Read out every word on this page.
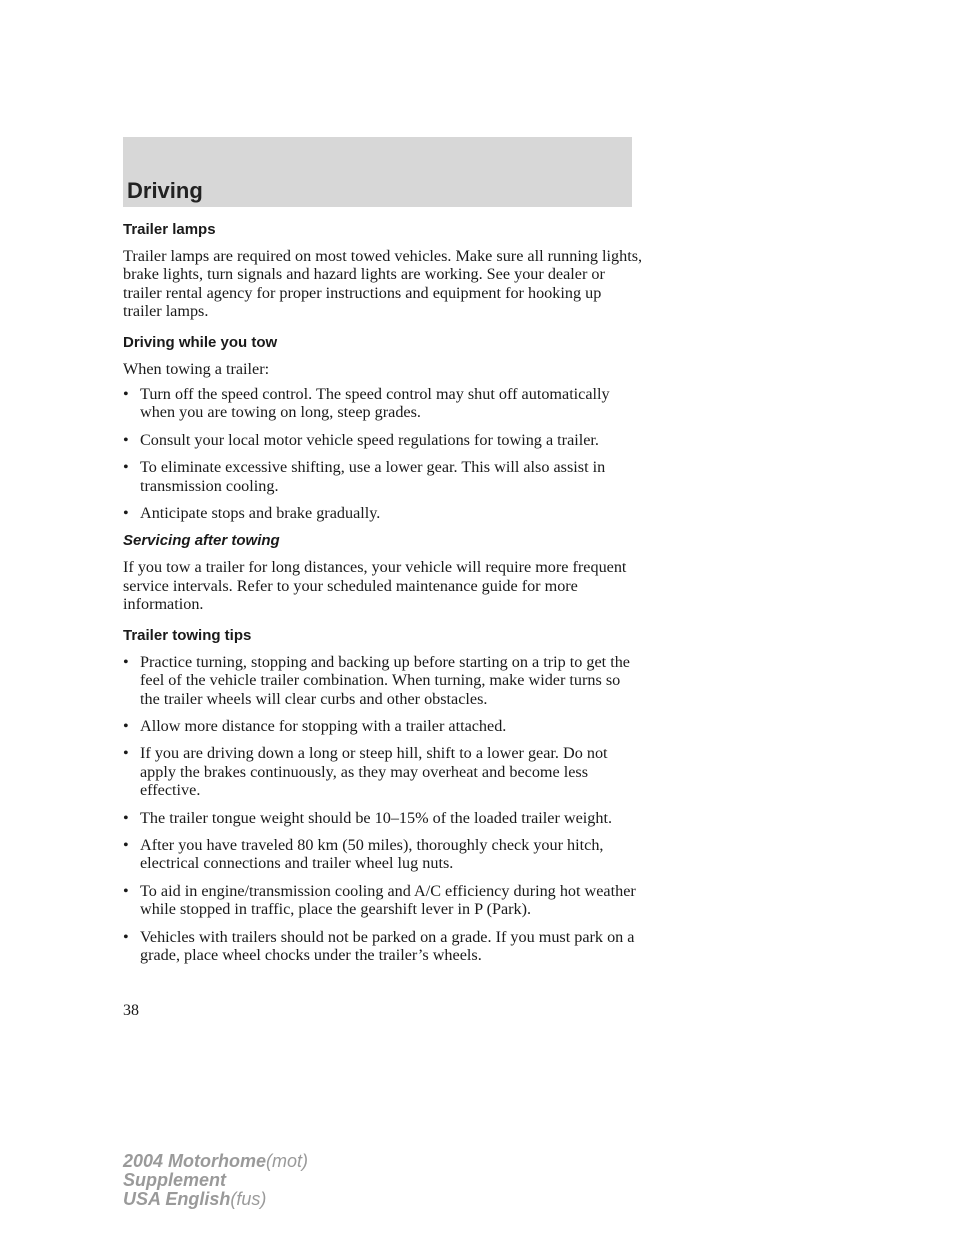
Driving
Trailer lamps

Trailer lamps are required on most towed vehicles. Make sure all running lights, brake lights, turn signals and hazard lights are working. See your dealer or trailer rental agency for proper instructions and equipment for hooking up trailer lamps.

Driving while you tow

When towing a trailer:

• Turn off the speed control. The speed control may shut off automatically when you are towing on long, steep grades.
• Consult your local motor vehicle speed regulations for towing a trailer.
• To eliminate excessive shifting, use a lower gear. This will also assist in transmission cooling.
• Anticipate stops and brake gradually.
Servicing after towing

If you tow a trailer for long distances, your vehicle will require more frequent service intervals. Refer to your scheduled maintenance guide for more information.

Trailer towing tips
• Practice turning, stopping and backing up before starting on a trip to get the feel of the vehicle trailer combination. When turning, make wider turns so the trailer wheels will clear curbs and other obstacles.
• Allow more distance for stopping with a trailer attached.
• If you are driving down a long or steep hill, shift to a lower gear. Do not apply the brakes continuously, as they may overheat and become less effective.
• The trailer tongue weight should be 10–15% of the loaded trailer weight.
• After you have traveled 80 km (50 miles), thoroughly check your hitch, electrical connections and trailer wheel lug nuts.
• To aid in engine/transmission cooling and A/C efficiency during hot weather while stopped in traffic, place the gearshift lever in P (Park).
• Vehicles with trailers should not be parked on a grade. If you must park on a grade, place wheel chocks under the trailer’s wheels.
38
2004 Motorhome(mot)
Supplement
USA English(fus)
